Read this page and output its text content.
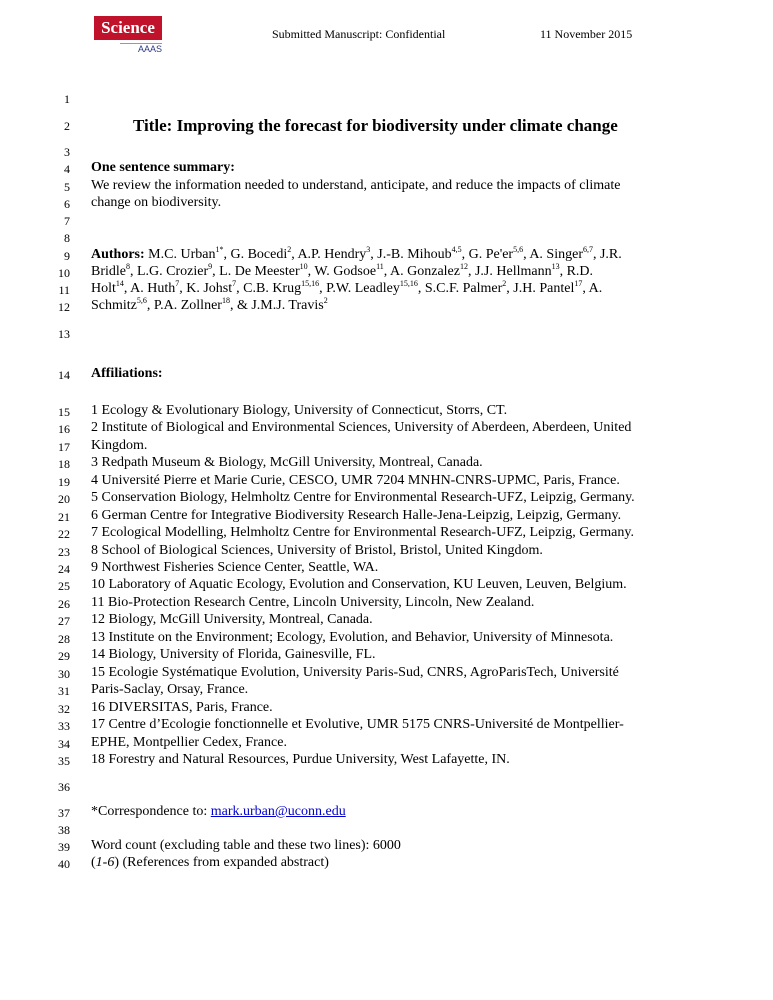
Science
AAAS
Submitted Manuscript: Confidential	11 November 2015
1
2
3
4
5
6
7
8
9
10
11
12
13
14
15
16
17
18
19
20
21
22
23
24
25
26
27
28
29
30
31
32
33
34
35
36
37
38
39
40
Title: Improving the forecast for biodiversity under climate change
One sentence summary:
We review the information needed to understand, anticipate, and reduce the impacts of climate
change on biodiversity.
Authors: M.C. Urban$^{1*}$, G. Bocedi$^2$, A.P. Hendry$^3$, J.-B. Mihoub$^{4,5}$, G. Pe'er$^{5,6}$, A. Singer$^{6,7}$, J.R.
Bridle$^8$, L.G. Crozier$^9$, L. De Meester$^{10}$, W. Godsoe$^{11}$, A. Gonzalez$^{12}$, J.J. Hellmann$^{13}$, R.D.
Holt$^{14}$, A. Huth$^7$, K. Johst$^7$, C.B. Krug$^{15,16}$, P.W. Leadley$^{15,16}$, S.C.F. Palmer$^2$, J.H. Pantel$^{17}$, A.
Schmitz$^{5,6}$, P.A. Zollner$^{18}$, & J.M.J. Travis$^2$
Affiliations:
1 Ecology & Evolutionary Biology, University of Connecticut, Storrs, CT.
2 Institute of Biological and Environmental Sciences, University of Aberdeen, Aberdeen, United
Kingdom.
3 Redpath Museum & Biology, McGill University, Montreal, Canada.
4 Université Pierre et Marie Curie, CESCO, UMR 7204 MNHN-CNRS-UPMC, Paris, France.
5 Conservation Biology, Helmholtz Centre for Environmental Research-UFZ, Leipzig, Germany.
6 German Centre for Integrative Biodiversity Research Halle-Jena-Leipzig, Leipzig, Germany.
7 Ecological Modelling, Helmholtz Centre for Environmental Research-UFZ, Leipzig, Germany.
8 School of Biological Sciences, University of Bristol, Bristol, United Kingdom.
9 Northwest Fisheries Science Center, Seattle, WA.
10 Laboratory of Aquatic Ecology, Evolution and Conservation, KU Leuven, Leuven, Belgium.
11 Bio-Protection Research Centre, Lincoln University, Lincoln, New Zealand.
12 Biology, McGill University, Montreal, Canada.
13 Institute on the Environment; Ecology, Evolution, and Behavior, University of Minnesota.
14 Biology, University of Florida, Gainesville, FL.
15 Ecologie Systématique Evolution, University Paris-Sud, CNRS, AgroParisTech, Université
Paris-Saclay, Orsay, France.
16 DIVERSITAS, Paris, France.
17 Centre d’Ecologie fonctionnelle et Evolutive, UMR 5175 CNRS-Université de Montpellier-
EPHE, Montpellier Cedex, France.
18 Forestry and Natural Resources, Purdue University, West Lafayette, IN.
*Correspondence to: mark.urban@uconn.edu
Word count (excluding table and these two lines): 6000
(1-6) (References from expanded abstract)
